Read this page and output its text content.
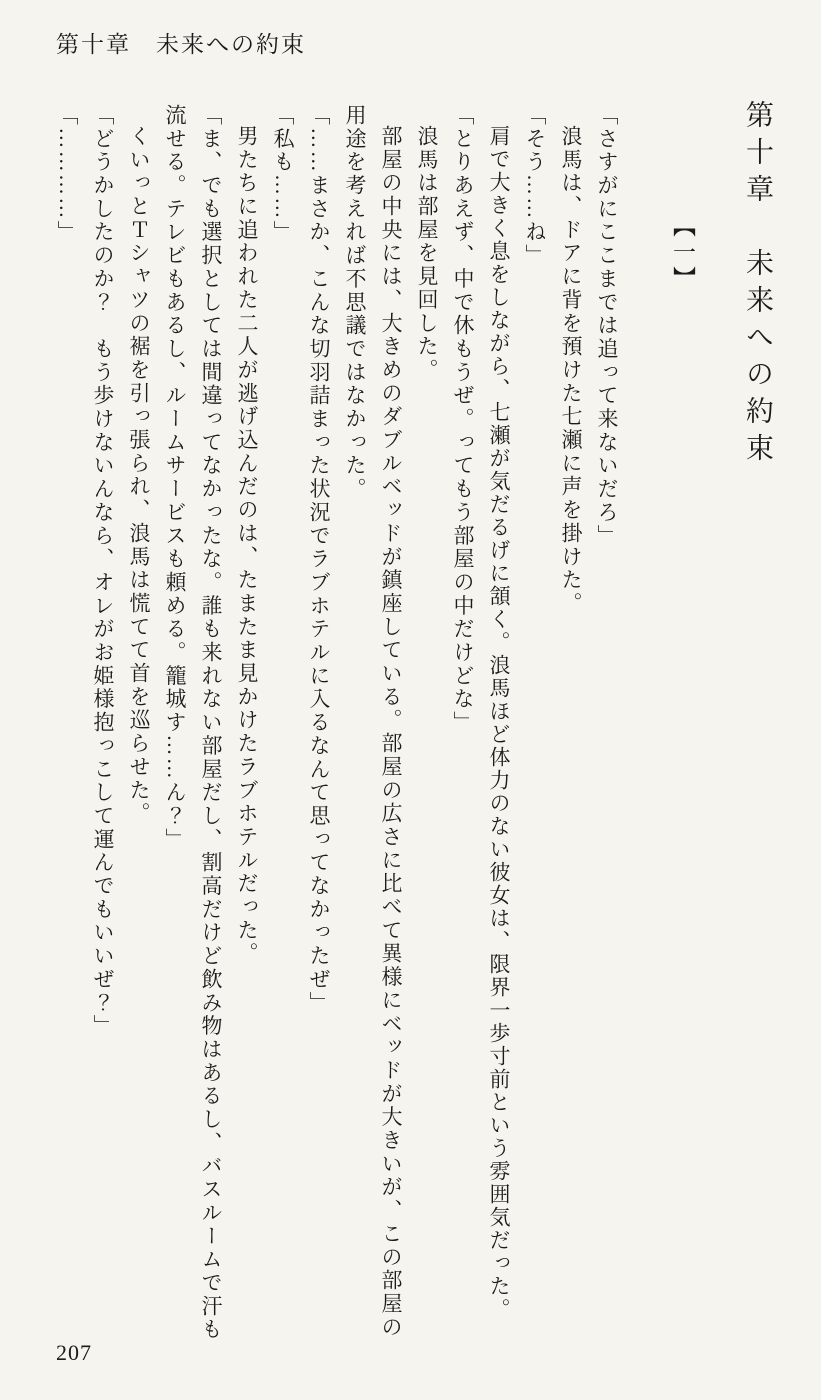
第十章　未来への約束
第十章　未来への約束
【一】

「さすがにここまでは追って来ないだろ」

浪馬は、ドアに背を預けた七瀬に声を掛けた。

「そう……ね」

肩で大きく息をしながら、七瀬が気だるげに頷く。浪馬ほど体力のない彼女は、限界一歩寸前という雰囲気だった。

「とりあえず、中で休もうぜ。ってもう部屋の中だけどな」

浪馬は部屋を見回した。

部屋の中央には、大きめのダブルベッドが鎮座している。部屋の広さに比べて異様にベッドが大きいが、この部屋の用途を考えれば不思議ではなかった。

「……まさか、こんな切羽詰まった状況でラブホテルに入るなんて思ってなかったぜ」

「私も……」

男たちに追われた二人が逃げ込んだのは、たまたま見かけたラブホテルだった。

「ま、でも選択としては間違ってなかったな。誰も来れない部屋だし、割高だけど飲み物はあるし、バスルームで汗も流せる。テレビもあるし、ルームサービスも頼める。籠城す……ん？」

くいっとＴシャツの裾を引っ張られ、浪馬は慌てて首を巡らせた。

「どうかしたのか？　もう歩けないんなら、オレがお姫様抱っこして運んでもいいぜ？」

「…………」

207
